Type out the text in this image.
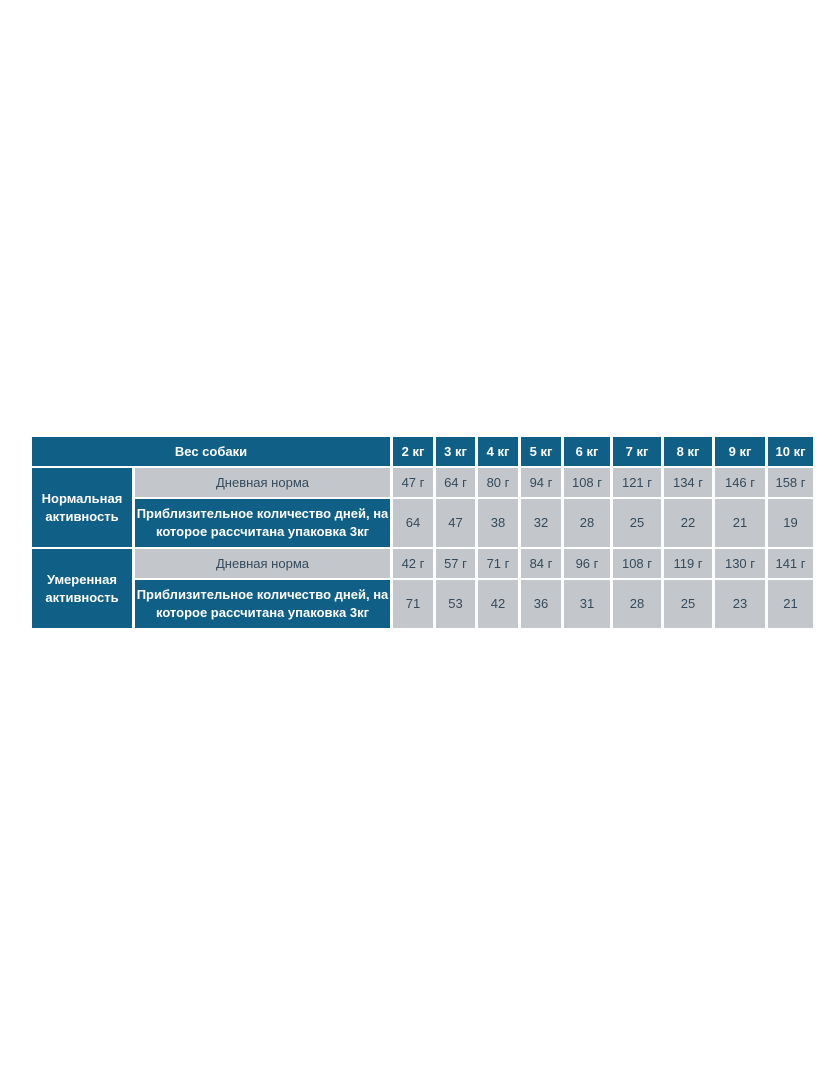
Вес собаки		2 кг	3 кг	4 кг	5 кг	6 кг	7 кг	8 кг	9 кг	10 кг
Нормальная активность	Дневная норма	47 г	64 г	80 г	94 г	108 г	121 г	134 г	146 г	158 г
	Приблизительное количество дней, на которое рассчитана упаковка 3кг	64	47	38	32	28	25	22	21	19
Умеренная активность	Дневная норма	42 г	57 г	71 г	84 г	96 г	108 г	119 г	130 г	141 г
	Приблизительное количество дней, на которое рассчитана упаковка 3кг	71	53	42	36	31	28	25	23	21
